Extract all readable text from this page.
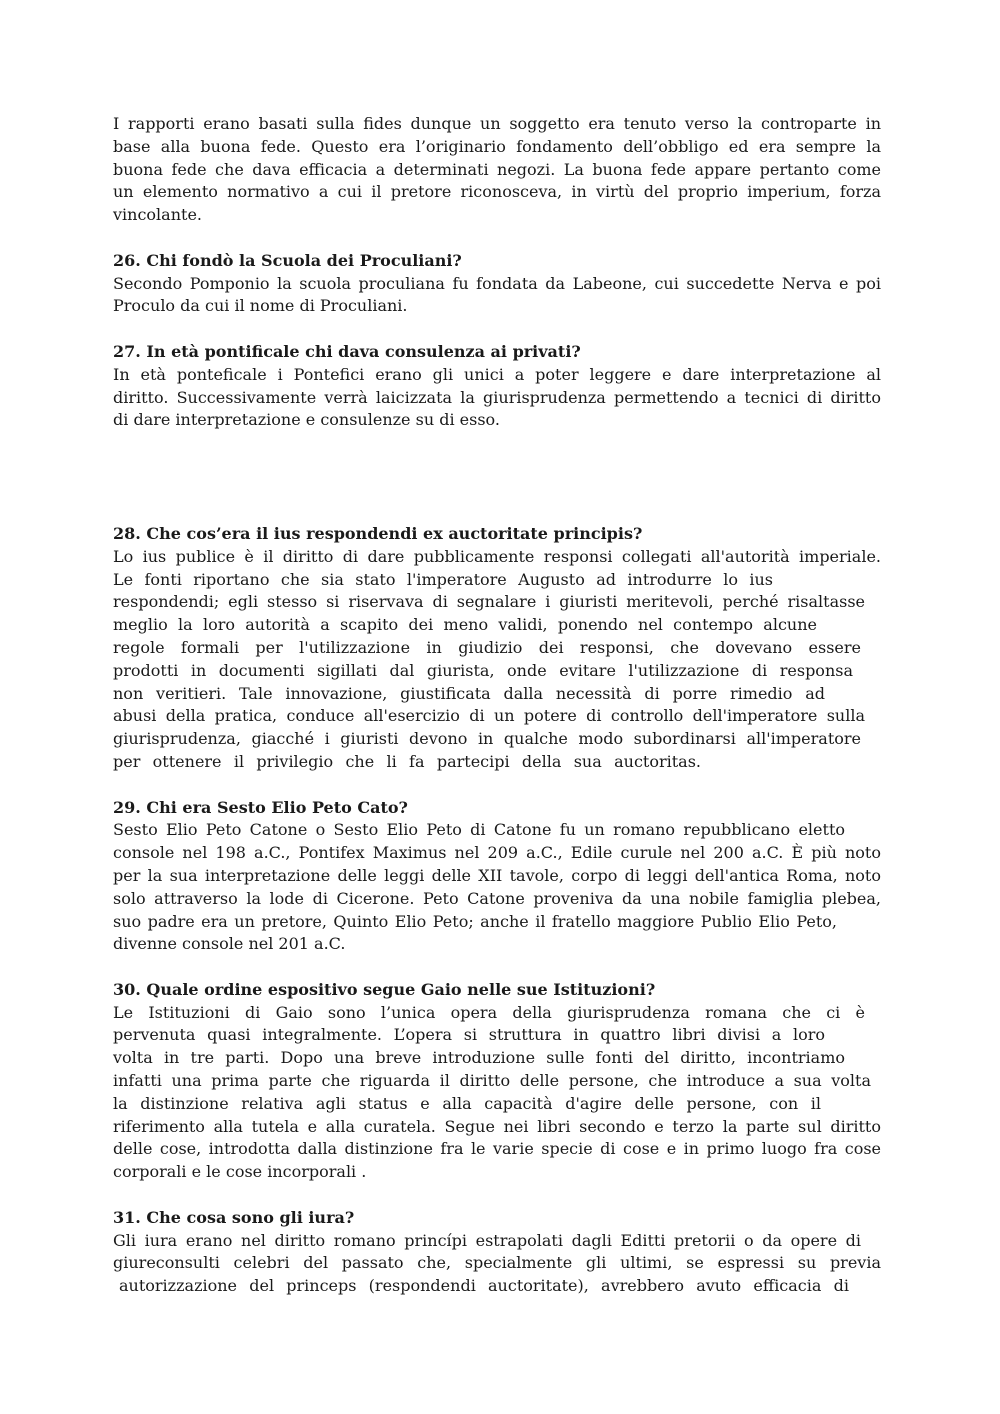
I rapporti erano basati sulla fides dunque un soggetto era tenuto verso la controparte in
base alla buona fede. Questo era l’originario fondamento dell’obbligo ed era sempre la
buona fede che dava efficacia a determinati negozi. La buona fede appare pertanto come
un elemento normativo a cui il pretore riconosceva, in virtù del proprio imperium, forza
vincolante.

26. Chi fondò la Scuola dei Proculiani?

Secondo Pomponio la scuola proculiana fu fondata da Labeone, cui succedette Nerva e poi
Proculo da cui il nome di Proculiani.

27. In età pontificale chi dava consulenza ai privati?

In età ponteficale i Pontefici erano gli unici a poter leggere e dare interpretazione al
diritto. Successivamente verrà laicizzata la giurisprudenza permettendo a tecnici di diritto
di dare interpretazione e consulenze su di esso.

28. Che cos’era il ius respondendi ex auctoritate principis?

Lo ius publice è il diritto di dare pubblicamente responsi collegati all'autorità imperiale.
Le fonti riportano che sia stato l'imperatore Augusto ad introdurre lo ius
respondendi; egli stesso si riservava di segnalare i giuristi meritevoli, perché risaltasse
meglio la loro autorità a scapito dei meno validi, ponendo nel contempo alcune
regole formali per l'utilizzazione in giudizio dei responsi, che dovevano essere
prodotti in documenti sigillati dal giurista, onde evitare l'utilizzazione di responsa
non veritieri. Tale innovazione, giustificata dalla necessità di porre rimedio ad
abusi della pratica, conduce all'esercizio di un potere di controllo dell'imperatore sulla
giurisprudenza, giacché i giuristi devono in qualche modo subordinarsi all'imperatore
per ottenere il privilegio che li fa partecipi della sua auctoritas.

29. Chi era Sesto Elio Peto Cato?

Sesto Elio Peto Catone o Sesto Elio Peto di Catone fu un romano repubblicano eletto
console nel 198 a.C., Pontifex Maximus nel 209 a.C., Edile curule nel 200 a.C. È più noto
per la sua interpretazione delle leggi delle XII tavole, corpo di leggi dell'antica Roma, noto
solo attraverso la lode di Cicerone. Peto Catone proveniva da una nobile famiglia plebea,
suo padre era un pretore, Quinto Elio Peto; anche il fratello maggiore Publio Elio Peto,
divenne console nel 201 a.C.

30. Quale ordine espositivo segue Gaio nelle sue Istituzioni?

Le Istituzioni di Gaio sono l’unica opera della giurisprudenza romana che ci è
pervenuta quasi integralmente. L’opera si struttura in quattro libri divisi a loro
volta in tre parti. Dopo una breve introduzione sulle fonti del diritto, incontriamo
infatti una prima parte che riguarda il diritto delle persone, che introduce a sua volta
la distinzione relativa agli status e alla capacità d'agire delle persone, con il
riferimento alla tutela e alla curatela. Segue nei libri secondo e terzo la parte sul diritto
delle cose, introdotta dalla distinzione fra le varie specie di cose e in primo luogo fra cose
corporali e le cose incorporali .

31. Che cosa sono gli iura?

Gli iura erano nel diritto romano princípi estrapolati dagli Editti pretorii o da opere di
giureconsulti celebri del passato che, specialmente gli ultimi, se espressi su previa
autorizzazione del princeps (respondendi auctoritate), avrebbero avuto efficacia di
